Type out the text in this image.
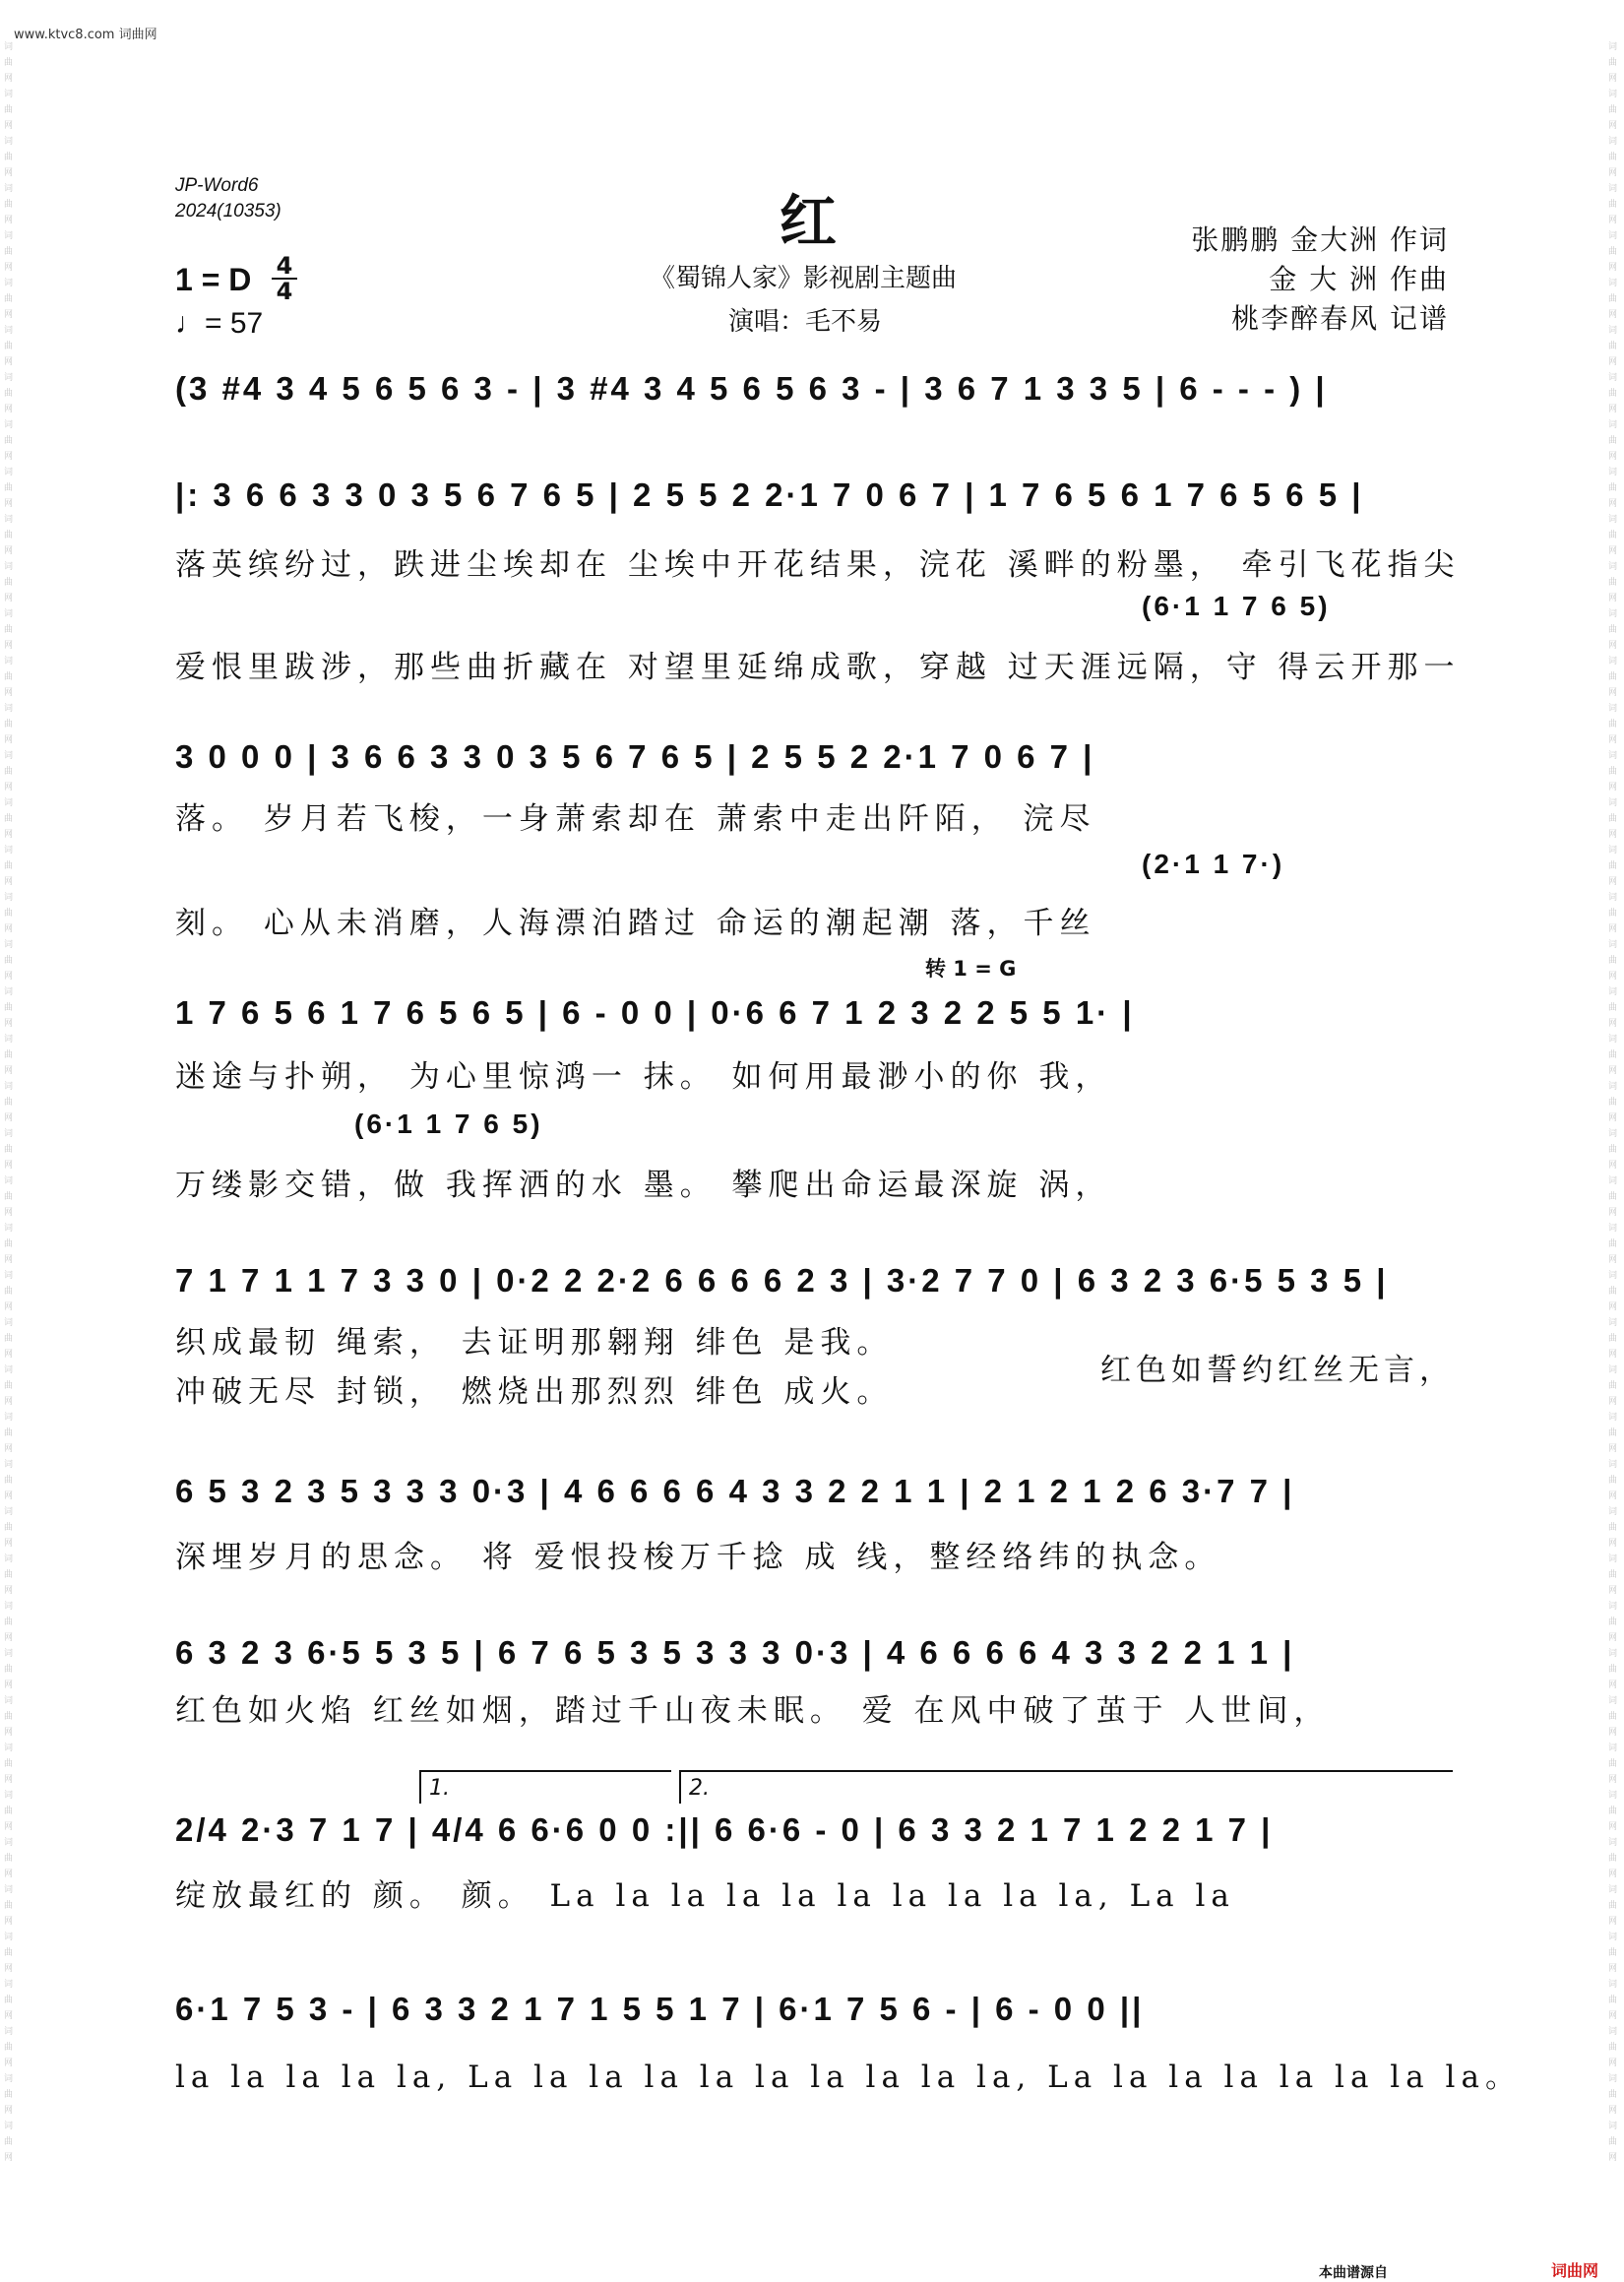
词曲网词曲网词曲网词曲网词曲网词曲网词曲网词曲网词曲网词曲网词曲网词曲网词曲网词曲网词曲网词曲网词曲网词曲网词曲网词曲网词曲网词曲网词曲网词曲网词曲网词曲网词曲网词曲网词曲网词曲网词曲网词曲网词曲网词曲网词曲网词曲网词曲网词曲网词曲网词曲网词曲网词曲网词曲网词曲网词曲网
词曲网词曲网词曲网词曲网词曲网词曲网词曲网词曲网词曲网词曲网词曲网词曲网词曲网词曲网词曲网词曲网词曲网词曲网词曲网词曲网词曲网词曲网词曲网词曲网词曲网词曲网词曲网词曲网词曲网词曲网词曲网词曲网词曲网词曲网词曲网词曲网词曲网词曲网词曲网词曲网词曲网词曲网词曲网词曲网词曲网
www.ktvc8.com 词曲网
JP-Word6
2024(10353)	红
《蜀锦人家》影视剧主题曲
演唱：毛不易
张鹏鹏 金大洲 作词
金 大 洲 作曲
桃李醉春风 记谱
1 = D $\frac{4}{4}$
♩= 57
(3 #4 3 4 5 6 5 6 3 - | 3 #4 3 4 5 6 5 6 3 - | 3 6 7 1 3 3 5 | 6 - - - ) |
|: 3 6 6 3 3 0 3 5 6 7 6 5 | 2 5 5 2 2·1 7 0 6 7 | 1 7 6 5 6 1 7 6 5 6 5 |
落英缤纷过，跌进尘埃却在 尘埃中开花结果，浣花 溪畔的粉墨， 牵引飞花指尖
(6·1 1 7 6 5)
爱恨里跋涉，那些曲折藏在 对望里延绵成歌，穿越 过天涯远隔，守 得云开那一
3 0 0 0 | 3 6 6 3 3 0 3 5 6 7 6 5 | 2 5 5 2 2·1 7 0 6 7 |
落。 岁月若飞梭，一身萧索却在 萧索中走出阡陌， 浣尽
(2·1 1 7·)
刻。 心从未消磨，人海漂泊踏过 命运的潮起潮 落，千丝
转 1 = G
1 7 6 5 6 1 7 6 5 6 5 | 6 - 0 0 | 0·6 6 7 1 2 3 2 2 5 5 1· |
迷途与扑朔， 为心里惊鸿一 抹。 如何用最渺小的你 我，
(6·1 1 7 6 5)
万缕影交错，做 我挥洒的水 墨。 攀爬出命运最深旋 涡，
7 1 7 1 1 7 3 3 0 | 0·2 2 2·2 6 6 6 6 2 3 | 3·2 7 7 0 | 6 3 2 3 6·5 5 3 5 |
织成最韧 绳索， 去证明那翱翔 绯色 是我。
冲破无尽 封锁， 燃烧出那烈烈 绯色 成火。
红色如誓约红丝无言，
6 5 3 2 3 5 3 3 3 0·3 | 4 6 6 6 6 4 3 3 2 2 1 1 | 2 1 2 1 2 6 3·7 7 |
深埋岁月的思念。 将 爱恨投梭万千捻 成 线，整经络纬的执念。
6 3 2 3 6·5 5 3 5 | 6 7 6 5 3 5 3 3 3 0·3 | 4 6 6 6 6 4 3 3 2 2 1 1 |
红色如火焰 红丝如烟，踏过千山夜未眠。 爱 在风中破了茧于 人世间，
1.	2.
2/4 2·3 7 1 7 | 4/4 6 6·6 0 0 :|| 6 6·6 - 0 | 6 3 3 2 1 7 1 2 2 1 7 |
绽放最红的 颜。 颜。 La la la la la la la la la la, La la
6·1 7 5 3 - | 6 3 3 2 1 7 1 5 5 1 7 | 6·1 7 5 6 - | 6 - 0 0 ||
la la la la la, La la la la la la la la la la, La la la la la la la la。
本曲谱源自	词曲网
